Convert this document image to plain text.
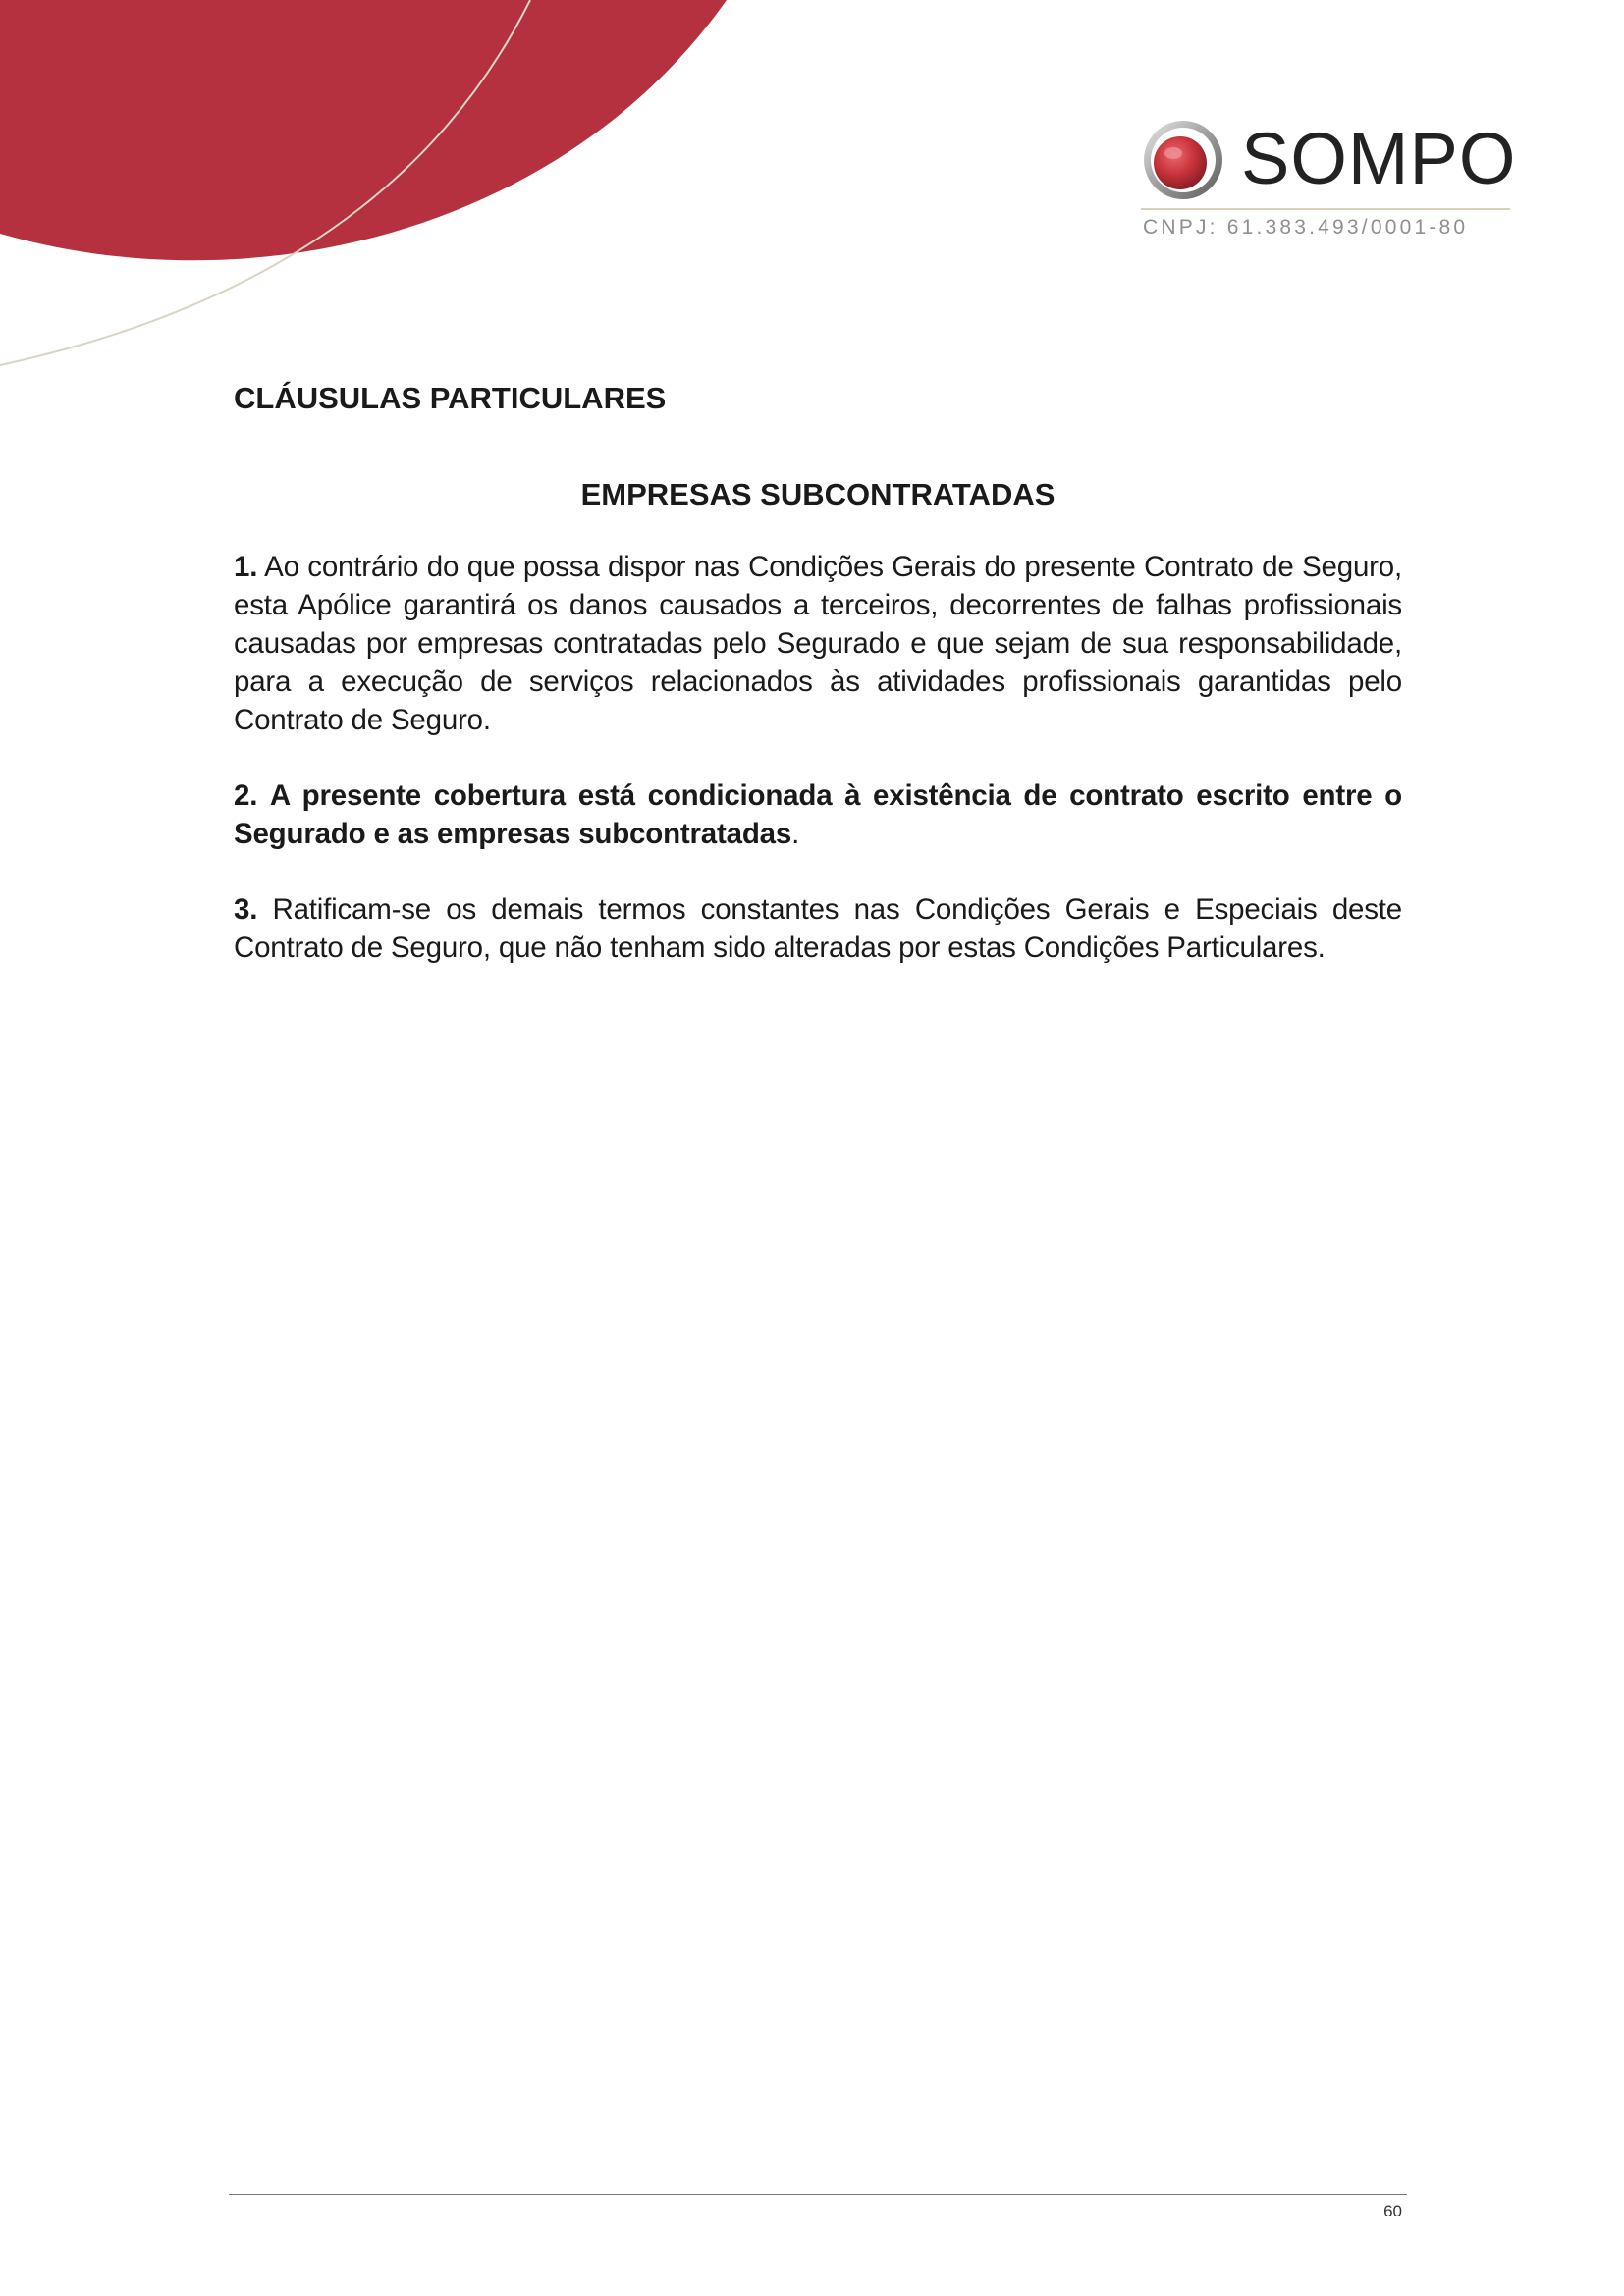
SOMPO
CNPJ: 61.383.493/0001-80
CLÁUSULAS PARTICULARES
EMPRESAS SUBCONTRATADAS

1. Ao contrário do que possa dispor nas Condições Gerais do presente Contrato de Seguro, esta Apólice garantirá os danos causados a terceiros, decorrentes de falhas profissionais causadas por empresas contratadas pelo Segurado e que sejam de sua responsabilidade, para a execução de serviços relacionados às atividades profissionais garantidas pelo Contrato de Seguro.

2. A presente cobertura está condicionada à existência de contrato escrito entre o Segurado e as empresas subcontratadas.

3. Ratificam-se os demais termos constantes nas Condições Gerais e Especiais deste Contrato de Seguro, que não tenham sido alteradas por estas Condições Particulares.

60
